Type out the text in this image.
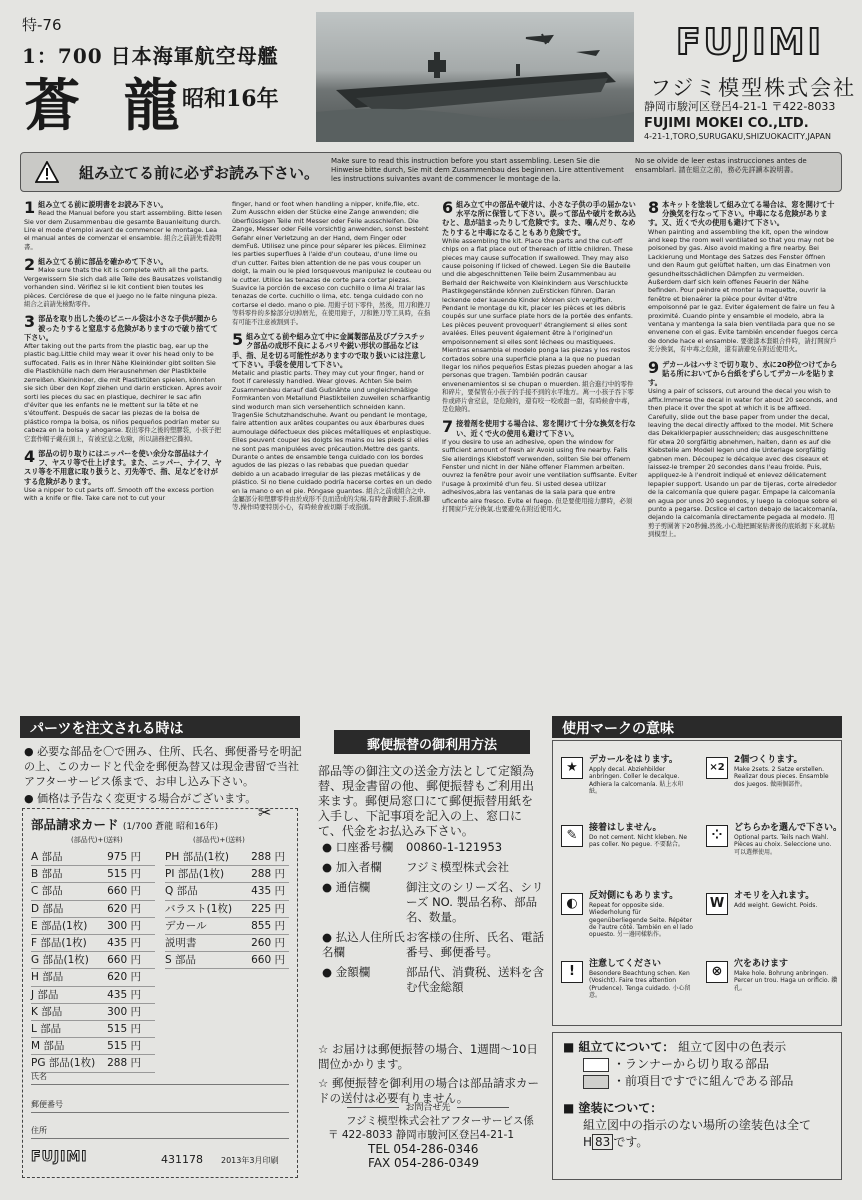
特-76
1：700 日本海軍航空母艦
蒼 龍
昭和16年
FUJIMI
フジミ模型株式会社
静岡市駿河区登呂4-21-1 〒422-8033
FUJIMI MOKEI CO.,LTD.
4-21-1,TORO,SURUGAKU,SHIZUOKACITY,JAPAN
組み立てる前に必ずお読み下さい。
Make sure to read this instruction before you start assembling. Lesen Sie die Hinweise bitte durch, Sie mit dem Zusammenbau des beginnen. Lire attentivement les instructions suivantes avant de commencer le montage de la.
No se olvide de leer estas instrucciones antes de ensamblarl. 請在組立之前，務必先詳讀本說明書。
1 組み立てる前に説明書をお読み下さい。

Read the Manual before you start assembling. Bitte lesen Sie vor dem Zusammenbau die gesamte Bauanleitung durch. Lire el mode d'emploi avant de commencer le montage. Lea el manual antes de comenzar el ensamble. 組合之前請先看說明書。

2 組み立てる前に部品を確かめて下さい。

Make sure thats the kit is complete with all the parts. Vergewissern Sie sich daß alle Teile des Bausatzes vollstandig vorhanden sind. Vérifiez si le kit contient bien toutes les pièces. Cerciórese de que el juego no le falte ninguna pieza. 組合之前請先檢點零件。

3 部品を取り出した後のビニール袋は小さな子供が顔から被ったりすると窒息する危険がありますので破り捨てて下さい。

After taking out the parts from the plastic bag, ear up the plastic bag.Little child may wear it over his head only to be suffocated. Falls es in Ihrer Nähe Kleinkinder gibt sollten Sie die Plastikhülle nach dem Herausnehmen der Plastikteile zerreißen. Kleinkinder, die mit Plastiktüten spielen, könnten sie sich über den Kopf ziehen und darin ersticken. Apres avoir sorti les pieces du sac en plastique, dechirer le sac afin d'éviter que les enfants ne le mettent sur la tête et ne s'étouffent. Después de sacar las piezas de la bolsa de plástico rompa la bolsa, os niños pequeños podrían meter su cabeza en la bolsa y ahogarse. 取出零件之後的塑膠袋，小孩子把它套作帽子戴在頭上，有被窒息之危險，所以請務把它撕掉。

4 部品の切り取りにはニッパーを使い余分な部品はナイフ、ヤスリ等で仕上げます。また、ニッパー、ナイフ、ヤスリ等を不用意に取り扱うと、刃先等で、指、足などをけがする危険があります。

Use a nipper to cut parts off. Smooth off the excess portion with a knife or file. Take care not to cut your

finger, hand or foot when handling a nipper, knife,file, etc. Zum Ausschn eiden der Stücke eine Zange anwenden; die überflüssigen Teile mit Messer oder Feile ausschleifen. Die Zange, Messer oder Feile vorsichtig anwenden, sonst besteht Gefahr einer Verletzung an der Hand, dem Finger oder demFuß. Utilisez une pince pour séparer les pièces. Eliminez les parties superflues à l'aide d'un couteau, d'une lime ou d'un cutter. Faites bien attention de ne pas vous couper un doigt, la main ou le pied lorsquevous manipulez le couteau ou le cutter. Utilice las tenazas de corte para cortar piezas. Suavice la porción de exceso con cuchillo o lima Al tralar las tenazas de corte. cuchillo o lima, etc. tenga cuidado con no cortarse el dedo. mano o pie. 用鉗子切下零件，然後，用刀和銼刀等料零件的多餘部分切掉磨光，在使用鉗子，刀和銼刀等工具時，在指有可能不注意被割到手。

5 組み立てる前や組み立て中に金属製部品及びプラスチック部品の成形不良によるバリや鋭い形状の部品などは手、指、足を切る可能性がありますので取り扱いには注意して下さい。手袋を使用して下さい。

Metalic and plastic parts. They may cut your finger, hand or foot if carelessly handled. Wear gloves. Achten Sie beim Zusammenbau darauf daß Gußnähte und ungleichmäßige Formkanten von Metallund Plastikteilen zuweilen scharfkantig sind wodurch man sich versehentlich schneiden kann. TragenSie Schutzhandschuhe. Avant ou pendant le montage, faire attention aux arêtes coupantes ou aux ébarbures dues aumoulage défectueux des pièces métalliques et enplastique. Elles peuvent couper les doigts les mains ou les pieds si elles ne sont pas manipulées avec précaution.Mettre des gants. Durante o antes de ensamble tenga cuidado con los bordes agudos de las piezas o las rebabas que puedan quedar debido a un acabado irregular de las piezas metálicas y de plástico. Si no tiene cuidado podría hacerse cortes en un dedo en la mano o en el pie. Póngase guantes. 組合之前或組合之中,金屬部分和塑膠零件由於成形不良而造成的尖端,有時會劃破手,指頭,腳等,操作時要特別小心，有時候會被切斷手或指頭。

6 組み立て中の部品や破片は、小さな子供の手の届かない水平な所に保管して下さい。誤って部品や破片を飲み込むと、息が詰まったりして危険です。また、噛んだり、なめたりすると中毒になることもあり危険です。

While assembling the kit. Place the parts and the cut-off chips on a flat place out of thereach of little children. These pieces may cause suffocation if swallowed. They may also cause poisoning if licked of chewed. Legen Sie die Bauteile und die abgeschnittenen Teile beim Zusammenbau au Berhald der Reichweite von Kleinkindern aus Verschluckte Plastikgegenstände können zuErsticken führen. Daran leckende oder kauende Kinder können sich vergiften. Pendant le montage du kit, placer les pièces et les débris coupés sur une surface plate hors de la portée des enfants. Les pièces peuvent provoquerl' étranglement si elles sont avalées. Elles peuvent également être à l'origined'un empoisonnement si elles sont léchees ou mastiquees. Mientras ensambla el modelo ponga las piezas y los restos cortados sobre una superficie plana a la que no puedan llegar los niños pequeños Estas piezas pueden ahogar a las personas que tragen. También podrán causar envenenamientos si se chupan o muerden. 組合進行中的零件和碎片，要保管在小孩子的手接不到的水平地方。萬一小孩子吞下零件或碎片會窒息，是危險的，還有咬一咬或甜一甜，有時候會中毒，是危險的。

7 接着剤を使用する場合は、窓を開けて十分な換気を行ない、近くで火の使用も避けて下さい。

If you desire to use an adhesive, open the window for sufficient amount of fresh air Avoid using fire nearby. Falls Sie allerdings Klebstoff verwenden, sollten Sie bei offenem Fenster und nicht in der Nähe offener Flammen arbeiten. ouvrez la fenêtre pour avoir une ventilation suffisante. Eviter l'usage à proximité d'un feu. Si usted desea utilizar adhesivos,abra las ventanas de la sala para que entre uficente aire fresco. Evite el fuego. 但是要使用接力膠時，必須打開窗戶充分換氣,也要避免在附近使用火。

8 本キットを塗装して組み立てる場合は、窓を開けて十分換気を行なって下さい。中毒になる危険があります。又、近くで火の使用も避けて下さい。

When painting and assembling the kit, open the window and keep the room well ventilated so that you may not be poisoned by gas. Also avoid making a fire nearby. Bei Lackierung und Montage des Satzes des Fenster öffnen und den Raum gut gelüftet halten, um das Einatmen von gesundheitsschädlichen Dämpfen zu vermeiden. Außerdem darf sich kein offenes Feuerin der Nähe befinden. Pour peindre et monter la maquette, ouvrir la fenêtre et bienaérer la pièce pour éviter d'être empoisonné par le gaz. Eviter également de faire un feu à proximité. Cuando pinte y ensamble el modelo, abra la ventana y mantenga la sala bien ventilada para que no se envenene con el gas. Evite también encender fuegos cerca de donde hace el ensamble. 要塗漆本套組合件時，請打開窗戶充分換氣，有中毒之危險，還有請避免在附近使用火。

9 デカールはハサミで切り取り、水に20秒位つけてから貼る所においてから台紙をずらしてデカールを貼ります。

Using a pair of scissors, cut around the decal you wish to affix.Immerse the decal in water for about 20 seconds, and then place it over the spot at which it is be affixed. Carefully, slide out the base paper from under the decal, leaving the decal directly affixed to the model. Mit Schere das Dekalklerpapier ausschneiden; das ausgeschnittene für etwa 20 sorgfältig abnehmen, halten, dann es auf die Klebstelle am Modell legen und die Unterlage sorgfältig gabnen men. Découpez le décalque avec des ciseaux et laissez-le tremper 20 secondes dans l'eau froide. Puis, appliquez-le à l'endroit indiqué et enlevez délicatement lepapier support. Usando un par de tijeras, corte alrededor de la calcomanía que quiere pagar. Empape la calcomanía en agua por unos 20 segundos, y luego la coloque sobre el punto a pegarse. Dcslice el carton debajo de lacalcomanía, dejando la calcomanía directamente pegada al modelo. 用剪子剪圍著下20秒鐘,然後,小心地把圖案貼著後的底紙揭下來,就貼到模型上。

パーツを注文される時は

● 必要な部品を〇で囲み、住所、氏名、郵便番号を明記の上、このカードと代金を郵便為替又は現金書留で当社アフターサービス係まで、お申し込み下さい。

● 価格は予告なく変更する場合がございます。

✂
部品請求カード (1/700 蒼龍 昭和16年)
(部品代)+(送料)	(部品代)+(送料)
A 部品	975 円
B 部品	515 円
C 部品	660 円
D 部品	620 円
E 部品(1枚)	300 円
F 部品(1枚)	435 円
G 部品(1枚)	660 円
H 部品	620 円
J 部品	435 円
K 部品	300 円
L 部品	515 円
M 部品	515 円
PG 部品(1枚)	288 円
PH 部品(1枚)	288 円
PI 部品(1枚)	288 円
Q 部品	435 円
バラスト(1枚)	225 円
デカール	855 円
説明書	260 円
S 部品	660 円
氏名
郵便番号
住所
FUJIMI	431178 2013年3月印刷
郵便振替の御利用方法
部品等の御注文の送金方法として定額為替、現金書留の他、郵便振替もご利用出来ます。郵便局窓口にて郵便振替用紙を入手し、下記事項を記入の上、窓口にて、代金をお払込み下さい。
● 口座番号欄	00860-1-121953
● 加入者欄	フジミ模型株式会社
● 通信欄	御注文のシリーズ名、シリーズ NO. 製品名称、部品名、数量。
● 払込人住所氏名欄
お客様の住所、氏名、電話番号、郵便番号。
● 金額欄	部品代、消費税、送料を含む代金総額

☆ お届けは郵便振替の場合、1週間〜10日間位かかります。

☆ 郵便振替を御利用の場合は部品請求カードの送付は必要有りません。

お問合せ先
フジミ模型株式会社アフターサービス係
〒 422-8033 静岡市駿河区登呂4-21-1
TEL 054-286-0346
FAX 054-286-0349
使用マークの意味
★	デカールをはります。
Apply decal. Abziehbilder anbringen. Coller le decalque. Adhiera la calcomanía. 貼上水印紙。
×2
2個つくります。
Make 2sets. 2 Satze erstellen. Realizar dous pieces. Ensamble dos juegos. 做兩個部件。
✎	接着はしません。
Do not cement. Nicht kleben. Ne pas coller. No pegue. 不要黏合。
⁘	どちらかを選んで下さい。
Optional parts. Teils nach Wahl. Pièces au choix. Seleccione uno. 可以選擇使用。
◐	反対側にもあります。
Repeat for opposite side. Wiederholung für gegenüberliegende Seite. Répéter de l'autre côté. También en el lado opuesto. 另一邊同樣粘作。
W	オモリを入れます。
Add weight. Gewicht. Poids.
!	注意してください
Besondere Beachtung schen. Ken (Vosicht). Faire tres attention (Prudence). Tenga cuidado. 小心留意。
⊗	穴をあけます
Make hole. Bohrung anbringen. Percer un trou. Haga un orificio. 鑽孔。
■ 組立てについて： 組立て図中の色表示
・ランナーから切り取る部品
・前項目ですでに組んである部品
■ 塗装について：
組立図中の指示のない場所の塗装色は全てH 83 です。
